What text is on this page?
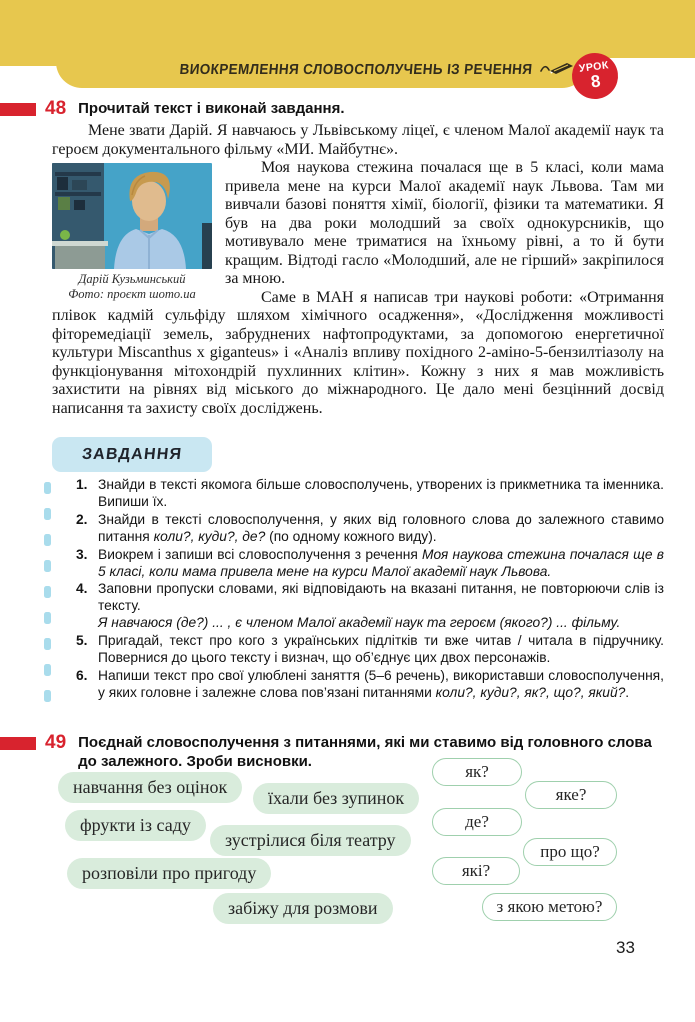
ВИОКРЕМЛЕННЯ СЛОВОСПОЛУЧЕНЬ ІЗ РЕЧЕННЯ	УРОК
8
48 Прочитай текст і виконай завдання.

Мене звати Дарій. Я навчаюсь у Львівському ліцеї, є членом Малої академії наук та героєм документального фільму «МИ. Майбутнє».

Дарій Кузьминський
Фото: проєкт шото.ua

Моя наукова стежина почалася ще в 5 класі, коли мама привела мене на курси Малої академії наук Львова. Там ми вивчали базові поняття хімії, біології, фізики та математики. Я був на два роки молодший за своїх однокурсників, що мотивувало мене триматися на їхньому рівні, а то й бути кращим. Відтоді гасло «Молодший, але не гірший» закріпилося за мною.

Саме в МАН я написав три наукові роботи: «Отримання плівок кадмій сульфіду шляхом хімічного осадження», «Дослідження можливості фіторемедіації земель, забруднених нафтопродуктами, за допомогою енергетичної культури Miscanthus x giganteus» і «Аналіз впливу похідного 2-аміно-5-бензилтіазолу на функціонування мітохондрій пухлинних клітин». Кожну з них я мав можливість захистити на рівнях від міського до міжнародного. Це дало мені безцінний досвід написання та захисту своїх досліджень.

ЗАВДАННЯ
1. Знайди в тексті якомога більше словосполучень, утворених із прикметника та іменника. Випиши їх.
2. Знайди в тексті словосполучення, у яких від головного слова до залежного ставимо питання коли?, куди?, де? (по одному кожного виду).
3. Виокрем і запиши всі словосполучення з речення Моя наукова стежина почалася ще в 5 класі, коли мама привела мене на курси Малої академії наук Львова.
4. Заповни пропуски словами, які відповідають на вказані питання, не повторюючи слів із тексту.
Я навчаюся (де?) ... , є членом Малої академії наук та героєм (якого?) ... фільму.
5. Пригадай, текст про кого з українських підлітків ти вже читав / читала в підручнику. Повернися до цього тексту і визнач, що об’єднує цих двох персонажів.
6. Напиши текст про свої улюблені заняття (5–6 речень), використавши словосполучення, у яких головне і залежне слова пов’язані питаннями коли?, куди?, як?, що?, який?.
49 Поєднай словосполучення з питаннями, які ми ставимо від головного слова до залежного. Зроби висновки.
навчання без оцінок
їхали без зупинок
фрукти із саду
зустрілися біля театру
розповіли про пригоду
забіжу для розмови
як?
яке?
де?
про що?
які?
з якою метою?
33
